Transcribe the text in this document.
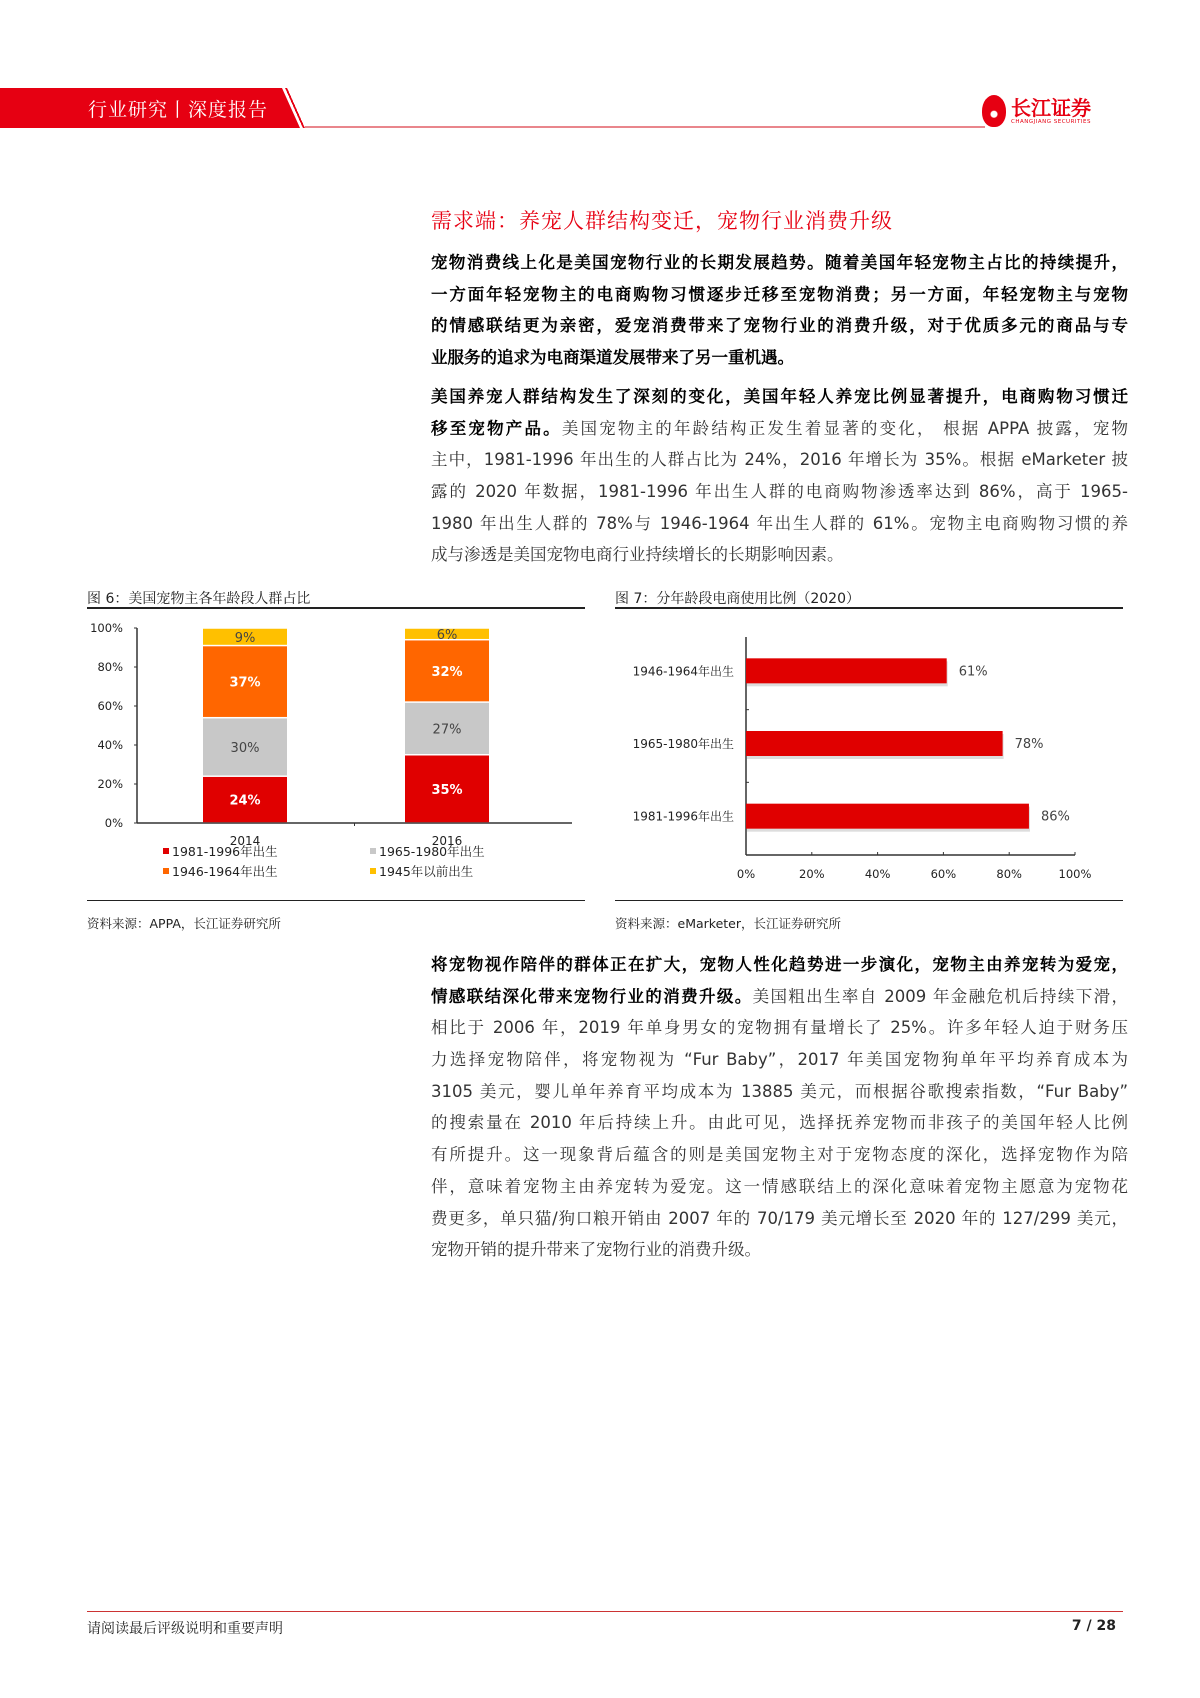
行业研究丨深度报告	长江证券
CHANGJIANG SECURITIES
需求端：养宠人群结构变迁，宠物行业消费升级
宠物消费线上化是美国宠物行业的长期发展趋势。随着美国年轻宠物主占比的持续提升，
一方面年轻宠物主的电商购物习惯逐步迁移至宠物消费；另一方面，年轻宠物主与宠物
的情感联结更为亲密，爱宠消费带来了宠物行业的消费升级，对于优质多元的商品与专
业服务的追求为电商渠道发展带来了另一重机遇。
美国养宠人群结构发生了深刻的变化，美国年轻人养宠比例显著提升，电商购物习惯迁
移至宠物产品。美国宠物主的年龄结构正发生着显著的变化， 根据 APPA 披露，宠物
主中，1981-1996 年出生的人群占比为 24%，2016 年增长为 35%。根据 eMarketer 披
露的 2020 年数据，1981-1996 年出生人群的电商购物渗透率达到 86%，高于 1965-
1980 年出生人群的 78%与 1946-1964 年出生人群的 61%。宠物主电商购物习惯的养
成与渗透是美国宠物电商行业持续增长的长期影响因素。
将宠物视作陪伴的群体正在扩大，宠物人性化趋势进一步演化，宠物主由养宠转为爱宠，
情感联结深化带来宠物行业的消费升级。美国粗出生率自 2009 年金融危机后持续下滑，
相比于 2006 年，2019 年单身男女的宠物拥有量增长了 25%。许多年轻人迫于财务压
力选择宠物陪伴，将宠物视为 “Fur Baby”，2017 年美国宠物狗单年平均养育成本为
3105 美元，婴儿单年养育平均成本为 13885 美元，而根据谷歌搜索指数，“Fur Baby”
的搜索量在 2010 年后持续上升。由此可见，选择抚养宠物而非孩子的美国年轻人比例
有所提升。这一现象背后蕴含的则是美国宠物主对于宠物态度的深化，选择宠物作为陪
伴，意味着宠物主由养宠转为爱宠。这一情感联结上的深化意味着宠物主愿意为宠物花
费更多，单只猫/狗口粮开销由 2007 年的 70/179 美元增长至 2020 年的 127/299 美元，
宠物开销的提升带来了宠物行业的消费升级。
图 6：美国宠物主各年龄段人群占比
0%
20%
40%
60%
80%
100%
24%
30%
37%
9%
2014
35%
27%
32%
6%
2016
1981-1996年出生	1965-1980年出生
1946-1964年出生	1945年以前出生
资料来源：APPA，长江证券研究所
图 7：分年龄段电商使用比例（2020）
0%	20%	40%	60%	80%	100%
1946-1964年出生	61%
1965-1980年出生	78%
1981-1996年出生	86%
资料来源：eMarketer，长江证券研究所
请阅读最后评级说明和重要声明	7 / 28
